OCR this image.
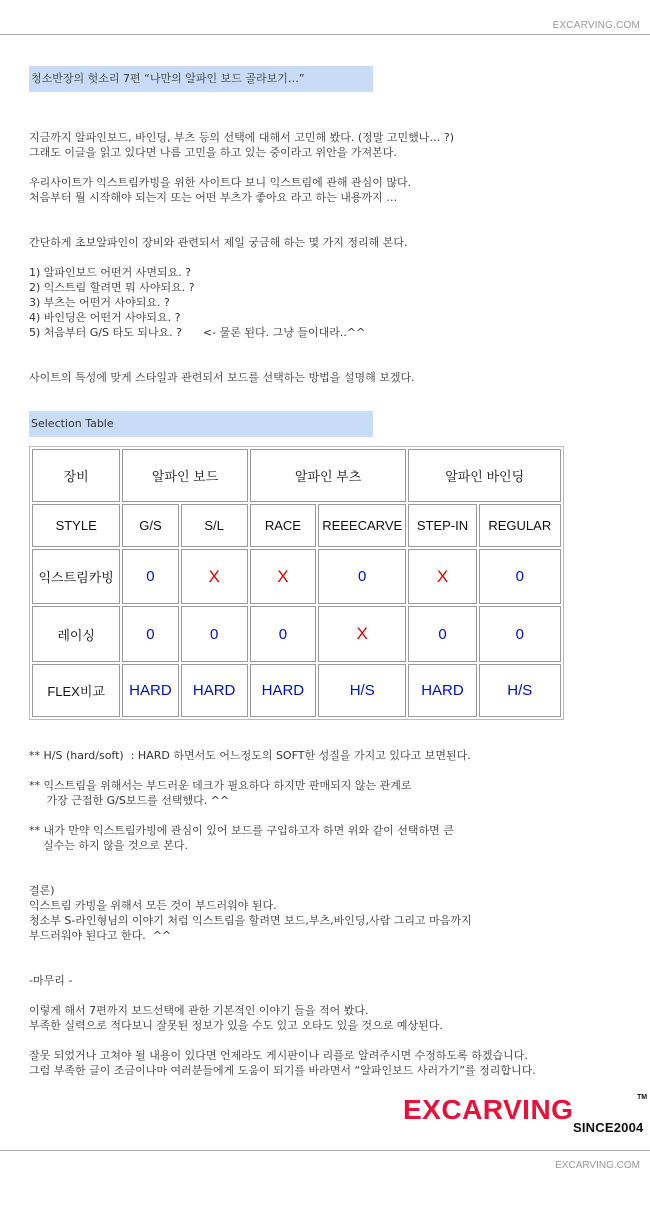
EXCARVING.COM
청소반장의 헛소리 7편 “나만의 알파인 보드 골라보기…”
지금까지 알파인보드, 바인딩, 부츠 등의 선택에 대해서 고민해 봤다. (정말 고민했나… ?)
그래도 이글을 읽고 있다면 나름 고민을 하고 있는 중이라고 위안을 가져본다.
우리사이트가 익스트림카빙을 위한 사이트다 보니 익스트림에 관해 관심이 많다.
처음부터 뭘 시작해야 되는지 또는 어떤 부츠가 좋아요 라고 하는 내용까지 …
간단하게 초보알파인이 장비와 관련되서 제일 궁금해 하는 몇 가지 정리해 본다.
1) 알파인보드 어떤거 사면되요. ?
2) 익스트림 할려면 뭐 사야되요. ?
3) 부츠는 어떤거 사야되요. ?
4) 바인딩은 어떤거 사야되요. ?
5) 처음부터 G/S 타도 되나요. ?      <- 물론 된다. 그냥 들이대라..^^
사이트의 특성에 맞게 스타일과 관련되서 보드를 선택하는 방법을 설명해 보겠다.
Selection Table
장비	알파인 보드		알파인 부츠		알파인 바인딩	
STYLE	G/S	S/L	RACE	REEECARVE	STEP-IN	REGULAR
익스트림카빙	0	X	X	0	X	0
레이싱	0	0	0	X	0	0
FLEX비교	HARD	HARD	HARD	H/S	HARD	H/S
** H/S (hard/soft)  : HARD 하면서도 어느정도의 SOFT한 성질을 가지고 있다고 보면된다.
** 익스트림을 위해서는 부드러운 데크가 필요하다 하지만 판매되지 않는 관계로
가장 근접한 G/S보드를 선택했다. ^^
** 내가 만약 익스트림카빙에 관심이 있어 보드를 구입하고자 하면 위와 같이 선택하면 큰
실수는 하지 않을 것으로 본다.
결론)
익스트림 카빙을 위해서 모든 것이 부드러워야 된다.
청소부 S-라인형님의 이야기 처럼 익스트림을 할려면 보드,부츠,바인딩,사람 그리고 마음까지
부드러워야 된다고 한다.  ^^
-마무리 -
이렇게 해서 7편까지 보드선택에 관한 기본적인 이야기 들을 적어 봤다.
부족한 실력으로 적다보니 잘못된 정보가 있을 수도 있고 오타도 있을 것으로 예상된다.
잘못 되었거나 고쳐야 될 내용이 있다면 언제라도 게시판이나 리플로 알려주시면 수정하도록 하겠습니다.
그럼 부족한 글이 조금이나마 여러분들에게 도움이 되기를 바라면서 “알파인보드 사러가기”를 정리합니다.
EXCARVING	TM
SINCE2004
EXCARVING.COM
